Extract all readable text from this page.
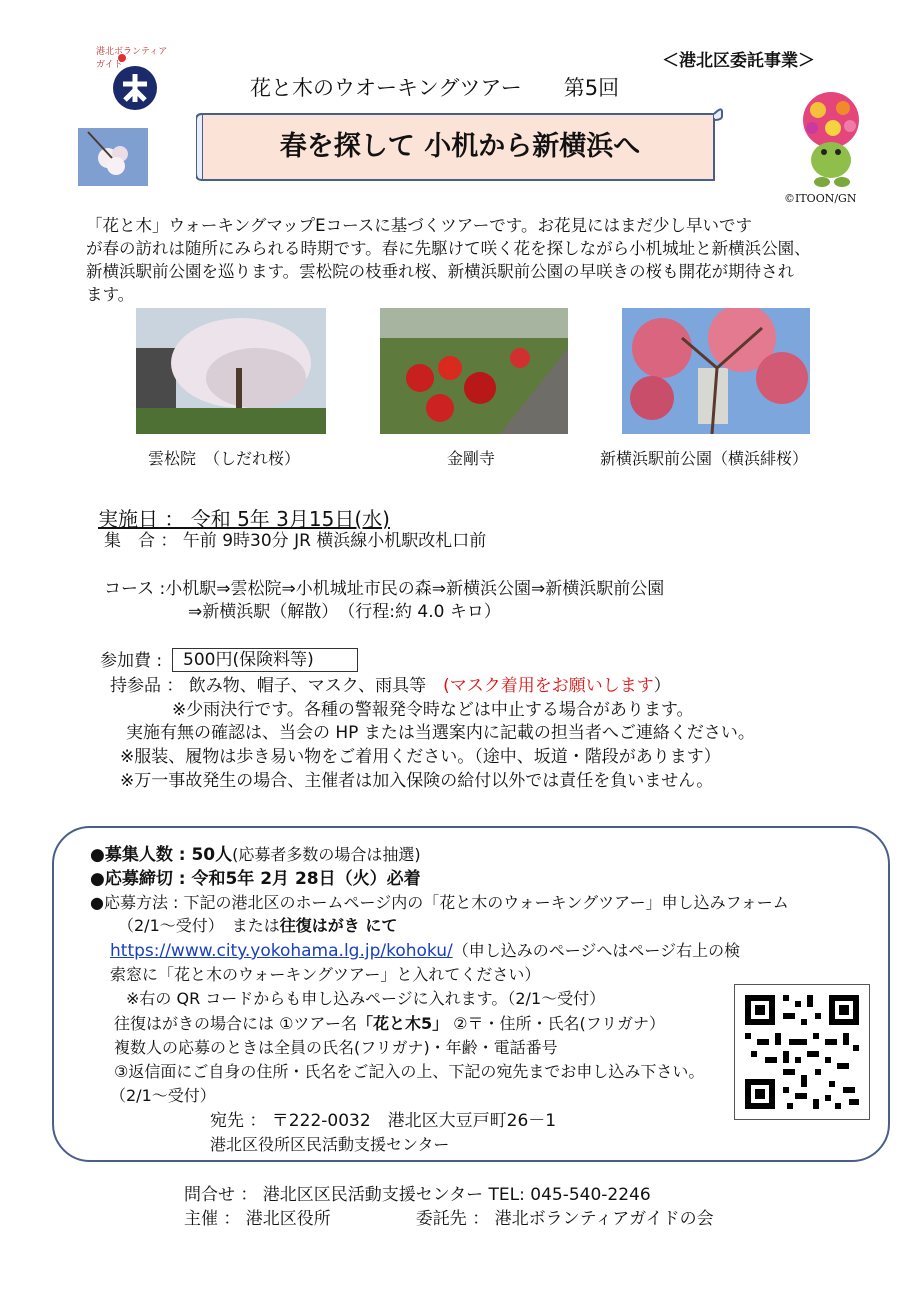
港北ボランティアガイド	＜港北区委託事業＞
花と木のウオーキングツアー　　第5回
春を探して 小机から新横浜へ
©ITOON/GN
「花と木」ウォーキングマップEコースに基づくツアーです。お花見にはまだ少し早いです
が春の訪れは随所にみられる時期です。春に先駆けて咲く花を探しながら小机城址と新横浜公園、
新横浜駅前公園を巡ります。雲松院の枝垂れ桜、新横浜駅前公園の早咲きの桜も開花が期待され
ます。
雲松院　（しだれ桜）	金剛寺	新横浜駅前公園（横浜緋桜）
実施日 ： 令和 5年 3月15日(水)
集　合 ： 午前 9時30分 JR 横浜線小机駅改札口前
コース :小机駅⇒雲松院⇒小机城址市民の森⇒新横浜公園⇒新横浜駅前公園
⇒新横浜駅（解散）　（行程:約 4.0 キロ）
参加費 : 500円(保険料等)
持参品 ： 飲み物、帽子、マスク、雨具等　(マスク着用をお願いします）
※少雨決行です。各種の警報発令時などは中止する場合があります。
実施有無の確認は、当会の HP または当選案内に記載の担当者へご連絡ください。
※服装、履物は歩き易い物をご着用ください。（途中、坂道・階段があります）
※万一事故発生の場合、主催者は加入保険の給付以外では責任を負いません。
●募集人数 : 50人(応募者多数の場合は抽選)
●応募締切 : 令和5年 2月 28日（火）必着
●応募方法 : 下記の港北区のホームページ内の「花と木のウォーキングツアー」申し込みフォーム
（2/1～受付）　または往復はがき にて
https://www.city.yokohama.lg.jp/kohoku/（申し込みのページへはページ右上の検
索窓に「花と木のウォーキングツアー」と入れてください）
※右の QR コードからも申し込みページに入れます。（2/1～受付）
往復はがきの場合には ①ツアー名「花と木5」 ②〒・住所・氏名(フリガナ）
複数人の応募のときは全員の氏名(フリガナ)・年齢・電話番号
③返信面にご自身の住所・氏名をご記入の上、下記の宛先までお申し込み下さい。
（2/1～受付）
宛先 ： 〒222-0032　港北区大豆戸町26－1
港北区役所区民活動支援センター
問合せ ： 港北区区民活動支援センター TEL: 045-540-2246
主催 ： 港北区役所　　　　　委託先 ： 港北ボランティアガイドの会
